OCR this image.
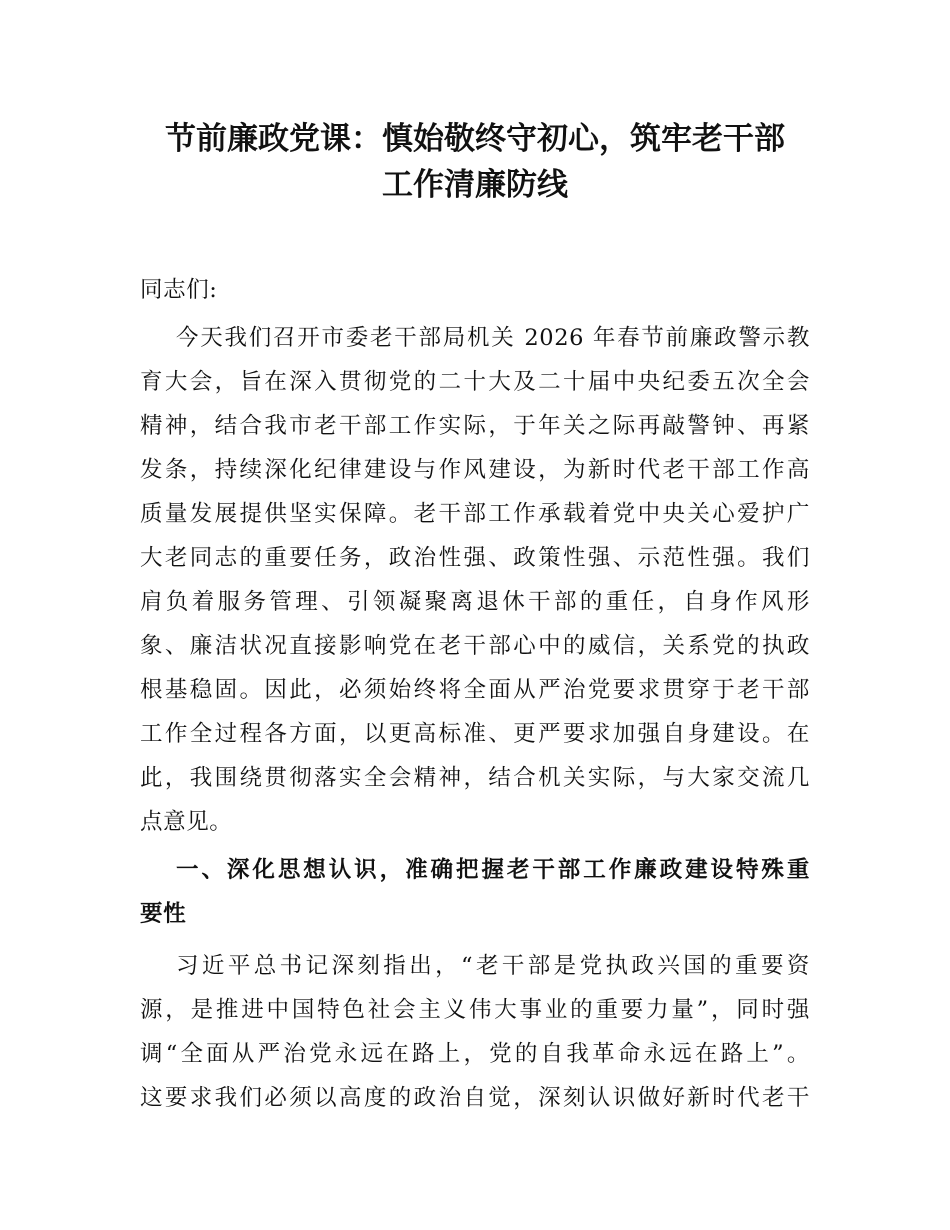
节前廉政党课：慎始敬终守初心，筑牢老干部
工作清廉防线

同志们:

今天我们召开市委老干部局机关 2026 年春节前廉政警示教

育大会，旨在深入贯彻党的二十大及二十届中央纪委五次全会

精神，结合我市老干部工作实际，于年关之际再敲警钟、再紧

发条，持续深化纪律建设与作风建设，为新时代老干部工作高

质量发展提供坚实保障。老干部工作承载着党中央关心爱护广

大老同志的重要任务，政治性强、政策性强、示范性强。我们

肩负着服务管理、引领凝聚离退休干部的重任，自身作风形

象、廉洁状况直接影响党在老干部心中的威信，关系党的执政

根基稳固。因此，必须始终将全面从严治党要求贯穿于老干部

工作全过程各方面，以更高标准、更严要求加强自身建设。在

此，我围绕贯彻落实全会精神，结合机关实际，与大家交流几

点意见。

一、深化思想认识，准确把握老干部工作廉政建设特殊重

要性

习近平总书记深刻指出，“老干部是党执政兴国的重要资

源，是推进中国特色社会主义伟大事业的重要力量”，同时强

调“全面从严治党永远在路上，党的自我革命永远在路上”。

这要求我们必须以高度的政治自觉，深刻认识做好新时代老干
